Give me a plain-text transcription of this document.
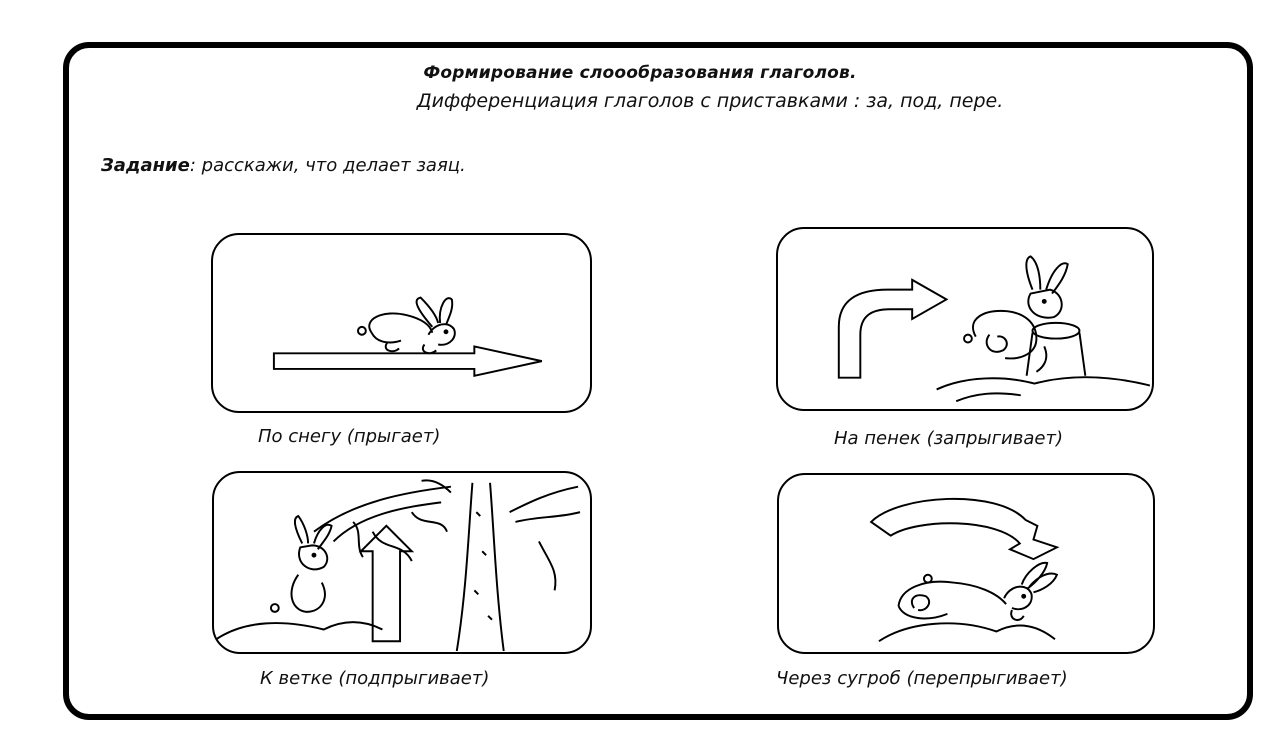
Формирование слоообразования глаголов.
Дифференциация глаголов с приставками : за, под, пере.
Задание: расскажи, что делает заяц.
По снегу (прыгает)	На пенек (запрыгивает)
К ветке (подпрыгивает)	Через сугроб (перепрыгивает)
